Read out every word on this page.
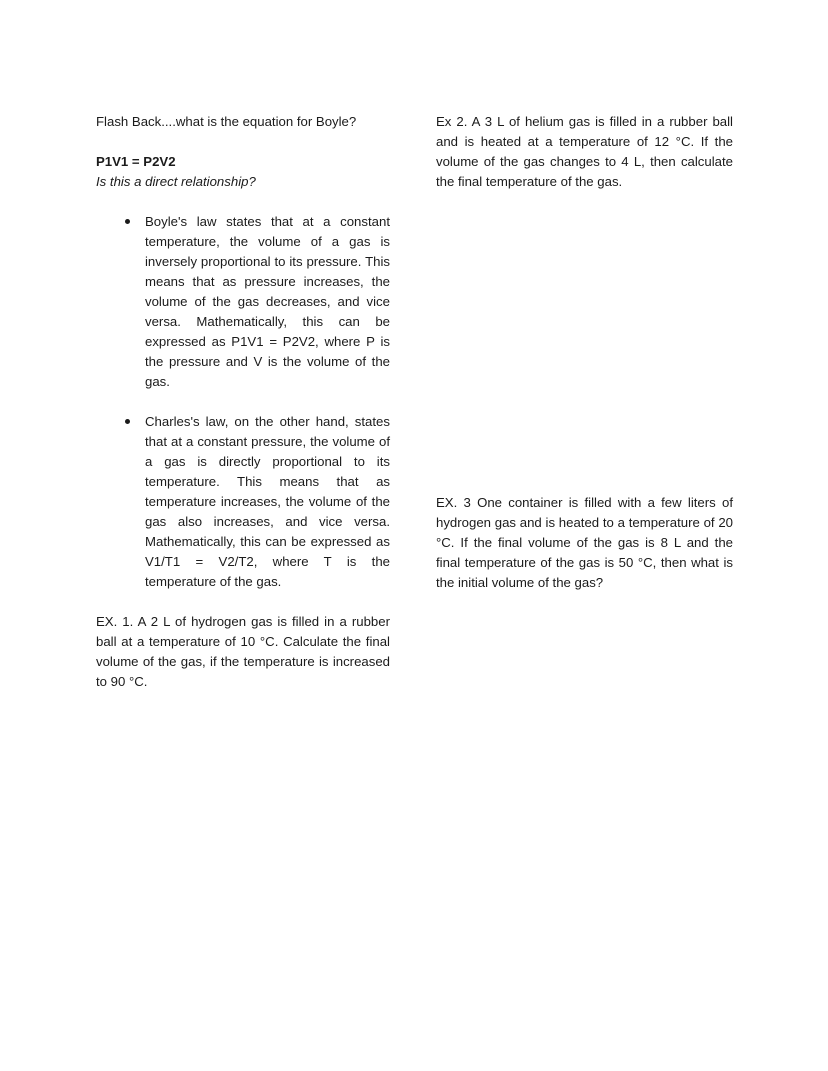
Flash Back....what is the equation for Boyle?

P1V1 = P2V2

Is this a direct relationship?

Boyle's law states that at a constant temperature, the volume of a gas is inversely proportional to its pressure. This means that as pressure increases, the volume of the gas decreases, and vice versa. Mathematically, this can be expressed as P1V1 = P2V2, where P is the pressure and V is the volume of the gas.
Charles's law, on the other hand, states that at a constant pressure, the volume of a gas is directly proportional to its temperature. This means that as temperature increases, the volume of the gas also increases, and vice versa. Mathematically, this can be expressed as V1/T1 = V2/T2, where T is the temperature of the gas.

EX. 1. A 2 L of hydrogen gas is filled in a rubber ball at a temperature of 10 °C. Calculate the final volume of the gas, if the temperature is increased to 90 °C.

Ex 2. A 3 L of helium gas is filled in a rubber ball and is heated at a temperature of 12 °C. If the volume of the gas changes to 4 L, then calculate the final temperature of the gas.

EX. 3 One container is filled with a few liters of hydrogen gas and is heated to a temperature of 20 °C. If the final volume of the gas is 8 L and the final temperature of the gas is 50 °C, then what is the initial volume of the gas?
